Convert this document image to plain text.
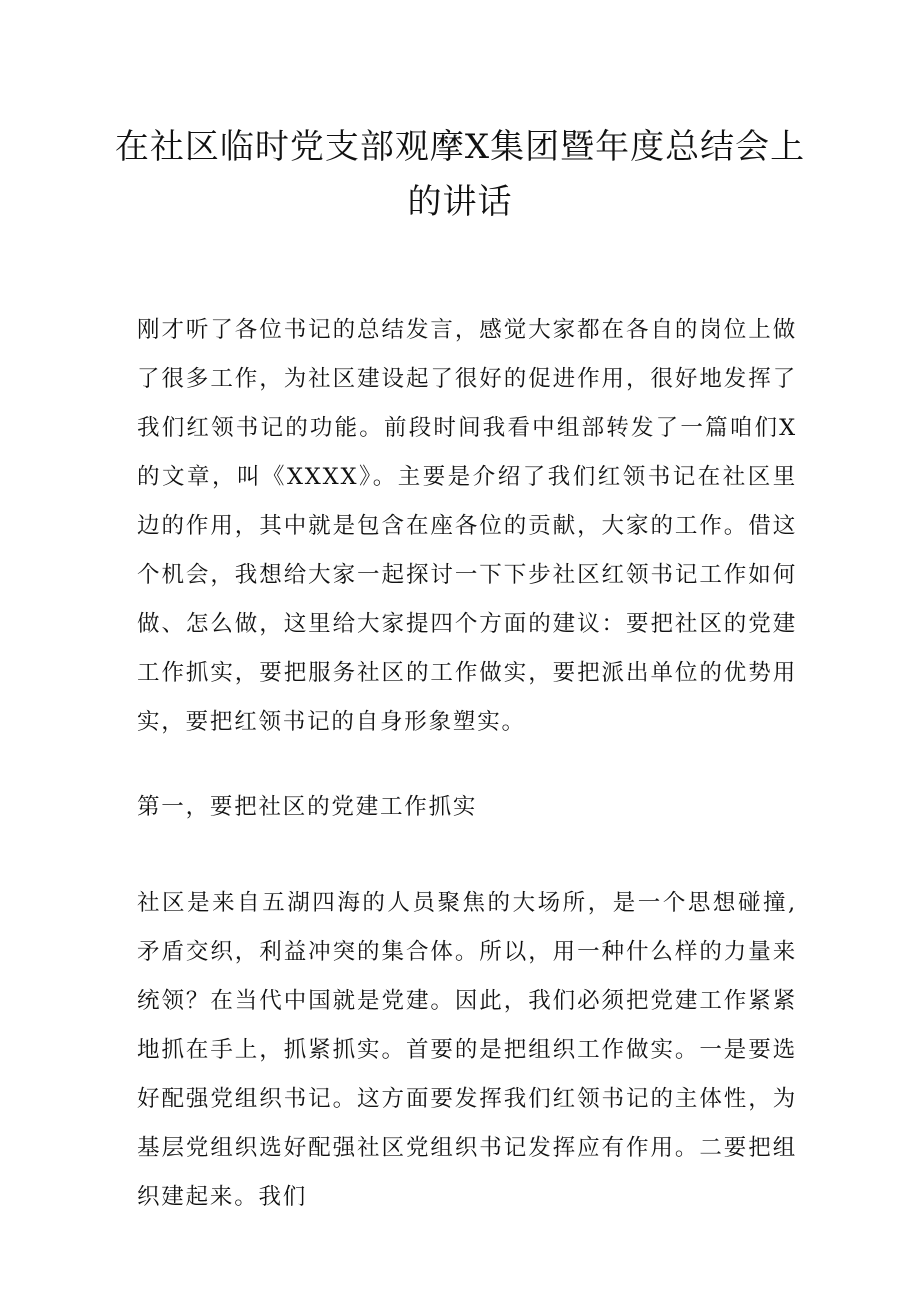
在社区临时党支部观摩X集团暨年度总结会上的讲话

刚才听了各位书记的总结发言，感觉大家都在各自的岗位上做了很多工作，为社区建设起了很好的促进作用，很好地发挥了我们红领书记的功能。前段时间我看中组部转发了一篇咱们X的文章，叫《XXXX》。主要是介绍了我们红领书记在社区里边的作用，其中就是包含在座各位的贡献，大家的工作。借这个机会，我想给大家一起探讨一下下步社区红领书记工作如何做、怎么做，这里给大家提四个方面的建议：要把社区的党建工作抓实，要把服务社区的工作做实，要把派出单位的优势用实，要把红领书记的自身形象塑实。

第一，要把社区的党建工作抓实

社区是来自五湖四海的人员聚焦的大场所，是一个思想碰撞,矛盾交织，利益冲突的集合体。所以，用一种什么样的力量来统领？在当代中国就是党建。因此，我们必须把党建工作紧紧地抓在手上，抓紧抓实。首要的是把组织工作做实。一是要选好配强党组织书记。这方面要发挥我们红领书记的主体性，为基层党组织选好配强社区党组织书记发挥应有作用。二要把组织建起来。我们
